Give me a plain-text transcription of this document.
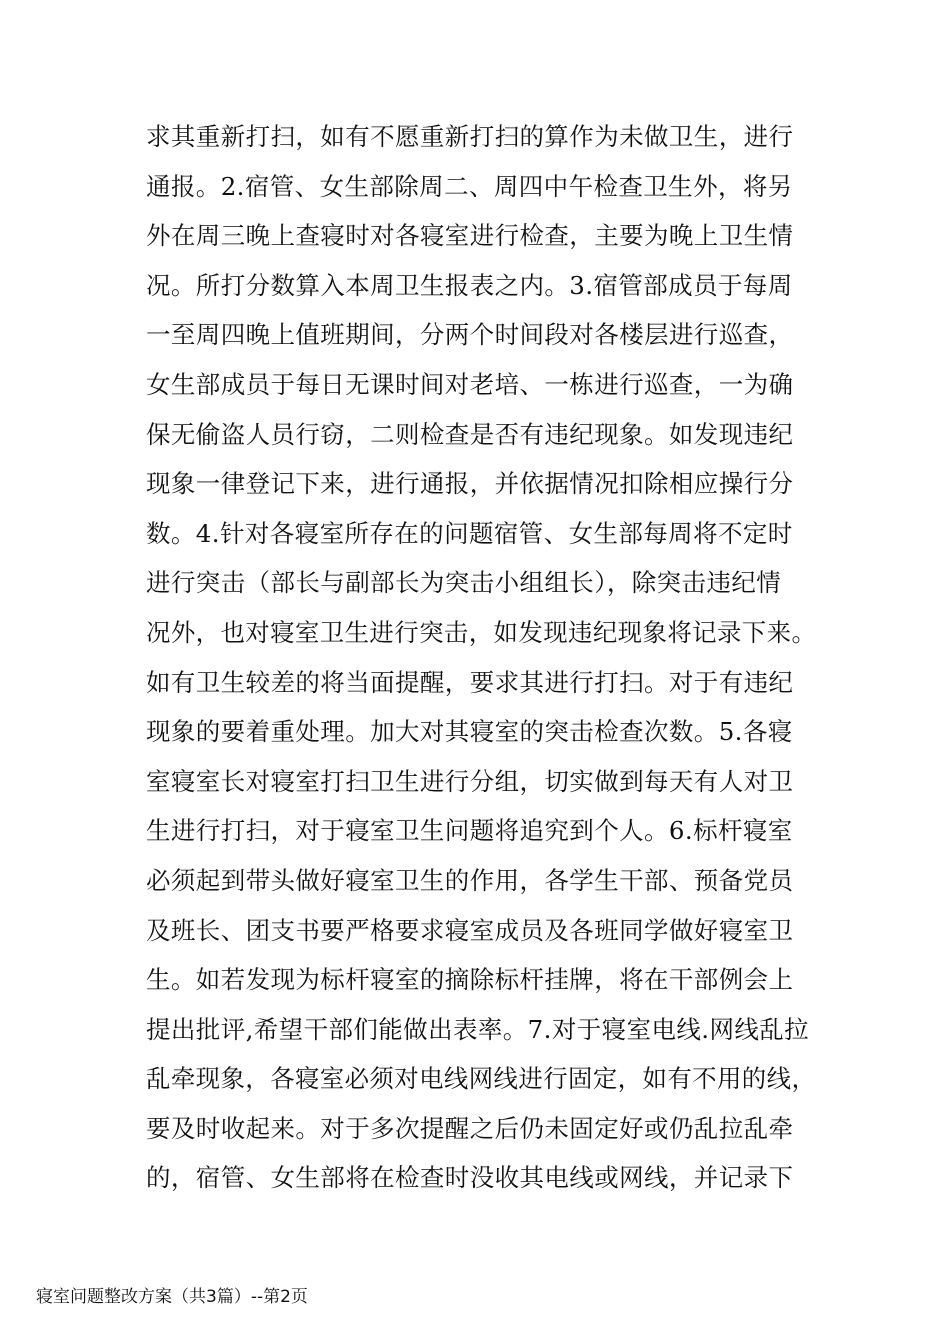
求其重新打扫，如有不愿重新打扫的算作为未做卫生，进行
通报。2.宿管、女生部除周二、周四中午检查卫生外，将另
外在周三晚上查寝时对各寝室进行检查，主要为晚上卫生情
况。所打分数算入本周卫生报表之内。3.宿管部成员于每周
一至周四晚上值班期间，分两个时间段对各楼层进行巡查，
女生部成员于每日无课时间对老培、一栋进行巡查，一为确
保无偷盗人员行窃，二则检查是否有违纪现象。如发现违纪
现象一律登记下来，进行通报，并依据情况扣除相应操行分
数。4.针对各寝室所存在的问题宿管、女生部每周将不定时
进行突击（部长与副部长为突击小组组长），除突击违纪情
况外，也对寝室卫生进行突击，如发现违纪现象将记录下来。
如有卫生较差的将当面提醒，要求其进行打扫。对于有违纪
现象的要着重处理。加大对其寝室的突击检查次数。5.各寝
室寝室长对寝室打扫卫生进行分组，切实做到每天有人对卫
生进行打扫，对于寝室卫生问题将追究到个人。6.标杆寝室
必须起到带头做好寝室卫生的作用，各学生干部、预备党员
及班长、团支书要严格要求寝室成员及各班同学做好寝室卫
生。如若发现为标杆寝室的摘除标杆挂牌，将在干部例会上
提出批评,希望干部们能做出表率。7.对于寝室电线.网线乱拉
乱牵现象，各寝室必须对电线网线进行固定，如有不用的线，
要及时收起来。对于多次提醒之后仍未固定好或仍乱拉乱牵
的，宿管、女生部将在检查时没收其电线或网线，并记录下
寝室问题整改方案（共3篇）--第2页
